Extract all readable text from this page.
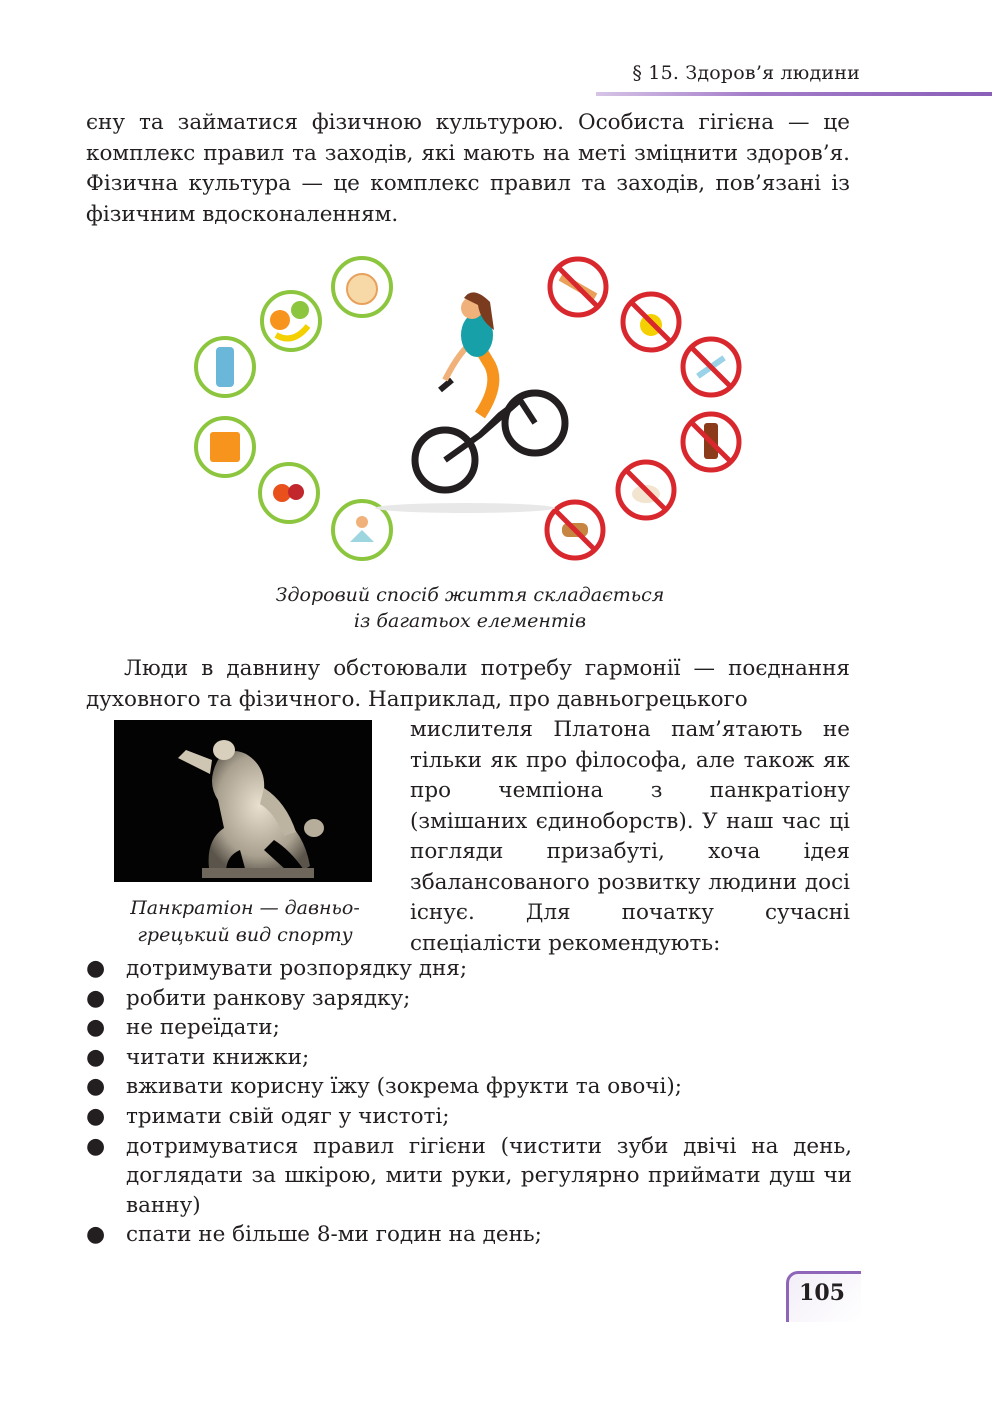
§ 15. Здоров’я людини
єну та займатися фізичною культурою. Особиста гігієна — це комплекс правил та заходів, які мають на меті зміцнити здоров’я. Фізична культура — це комплекс правил та заходів, пов’язані із фізичним вдосконаленням.
Здоровий спосіб життя складається
із багатьох елементів
Люди в давнину обстоювали потребу гармонії — поєднання духовного та фізичного. Наприклад, про давньогрецького
Панкратіон — давньо-
грецький вид спорту
мислителя Платона пам’ятають не тільки як про філософа, але також як про чемпіона з панкратіону (змішаних єдиноборств). У наш час ці погляди призабуті, хоча ідея збалансованого розвитку людини досі існує. Для початку сучасні спеціалісти рекомендують:
● дотримувати розпорядку дня;
● робити ранкову зарядку;
● не переїдати;
● читати книжки;
● вживати корисну їжу (зокрема фрукти та овочі);
● тримати свій одяг у чистоті;
● дотримуватися правил гігієни (чистити зуби двічі на день, доглядати за шкірою, мити руки, регулярно приймати душ чи ванну)
● спати не більше 8-ми годин на день;
105
